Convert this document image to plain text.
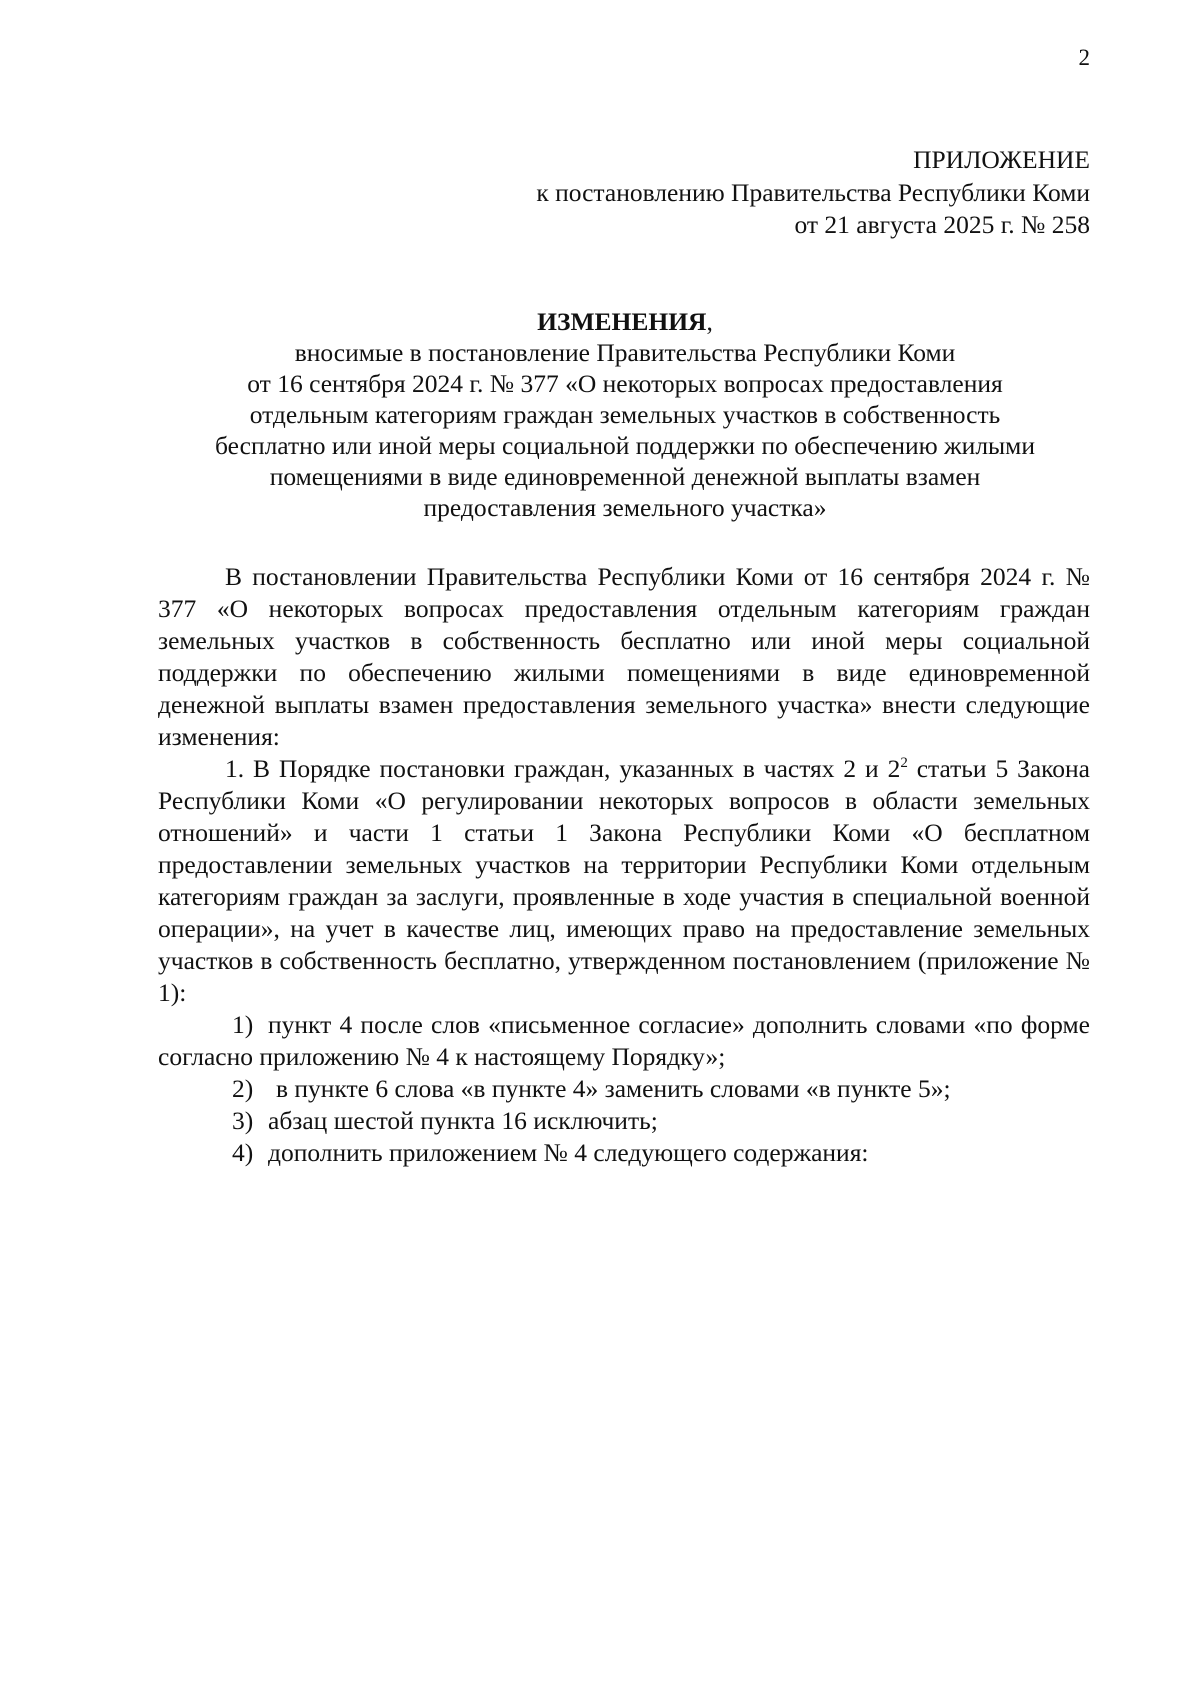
2
ПРИЛОЖЕНИЕ
к постановлению Правительства Республики Коми
от 21 августа 2025 г. № 258
ИЗМЕНЕНИЯ,
вносимые в постановление Правительства Республики Коми
от 16 сентября 2024 г. № 377 «О некоторых вопросах предоставления
отдельным категориям граждан земельных участков в собственность
бесплатно или иной меры социальной поддержки по обеспечению жилыми
помещениями в виде единовременной денежной выплаты взамен
предоставления земельного участка»

В постановлении Правительства Республики Коми от 16 сентября 2024 г. № 377 «О некоторых вопросах предоставления отдельным категориям граждан земельных участков в собственность бесплатно или иной меры социальной поддержки по обеспечению жилыми помещениями в виде единовременной денежной выплаты взамен предоставления земельного участка» внести следующие изменения:

1. В Порядке постановки граждан, указанных в частях 2 и $2^2$ статьи 5 Закона Республики Коми «О регулировании некоторых вопросов в области земельных отношений» и части 1 статьи 1 Закона Республики Коми «О бесплатном предоставлении земельных участков на территории Республики Коми отдельным категориям граждан за заслуги, проявленные в ходе участия в специальной военной операции», на учет в качестве лиц, имеющих право на предоставление земельных участков в собственность бесплатно, утвержденном постановлением (приложение № 1):

1) пункт 4 после слов «письменное согласие» дополнить словами «по форме согласно приложению № 4 к настоящему Порядку»;

2) в пункте 6 слова «в пункте 4» заменить словами «в пункте 5»;

3) абзац шестой пункта 16 исключить;

4) дополнить приложением № 4 следующего содержания:
